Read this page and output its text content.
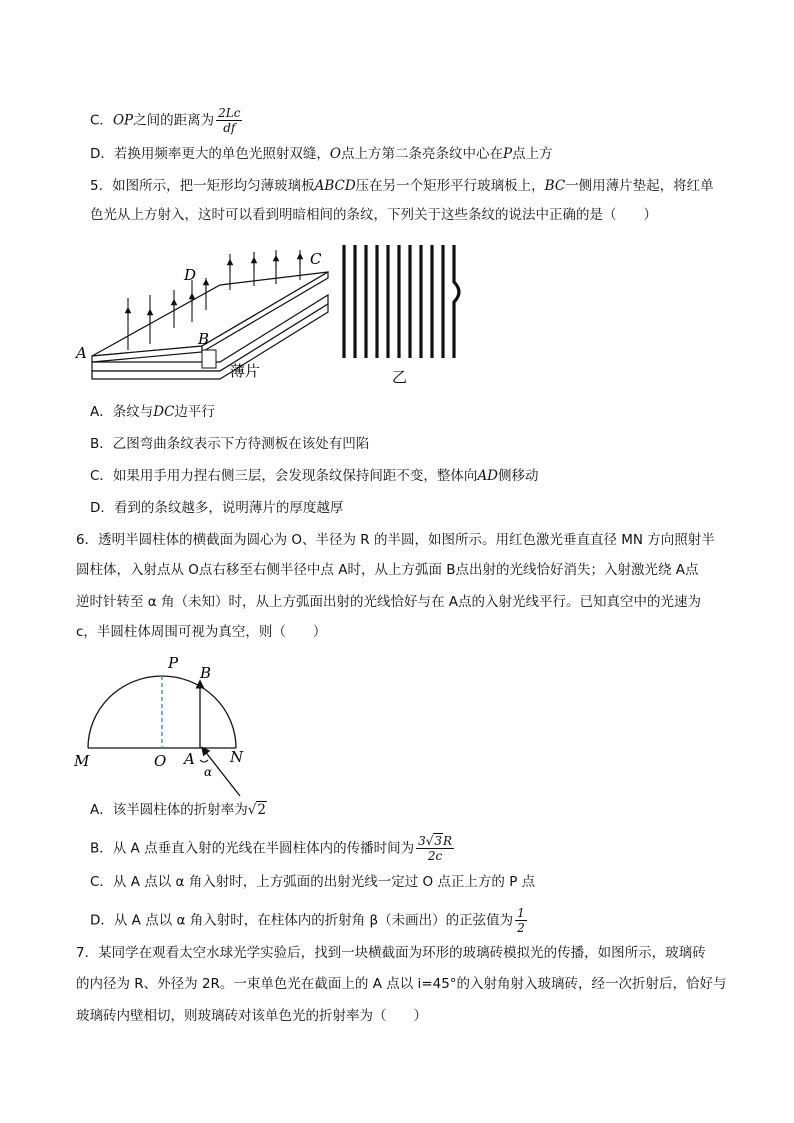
C．OP之间的距离为 $\frac{2Lc}{df}$
D．若换用频率更大的单色光照射双缝，O点上方第二条亮条纹中心在P点上方
5．如图所示，把一矩形均匀薄玻璃板ABCD压在另一个矩形平行玻璃板上，BC一侧用薄片垫起，将红单
色光从上方射入，这时可以看到明暗相间的条纹，下列关于这些条纹的说法中正确的是（　　）
A
B
C
D
薄片	乙
A．条纹与DC边平行
B．乙图弯曲条纹表示下方待测板在该处有凹陷
C．如果用手用力捏右侧三层，会发现条纹保持间距不变，整体向AD侧移动
D．看到的条纹越多，说明薄片的厚度越厚
6．透明半圆柱体的横截面为圆心为 O、半径为 R 的半圆，如图所示。用红色激光垂直直径 MN 方向照射半
圆柱体，入射点从 O点右移至右侧半径中点 A时，从上方弧面 B点出射的光线恰好消失；入射激光绕 A点
逆时针转至 α 角（未知）时，从上方弧面出射的光线恰好与在 A点的入射光线平行。已知真空中的光速为
c，半圆柱体周围可视为真空，则（　　）
P
B
M	O A N
α
A．该半圆柱体的折射率为√2
B．从 A 点垂直入射的光线在半圆柱体内的传播时间为 $\frac{3√3R}{2c}$
C．从 A 点以 α 角入射时，上方弧面的出射光线一定过 O 点正上方的 P 点
D．从 A 点以 α 角入射时，在柱体内的折射角 β（未画出）的正弦值为 $\frac{1}{2}$
7．某同学在观看太空水球光学实验后，找到一块横截面为环形的玻璃砖模拟光的传播，如图所示，玻璃砖
的内径为 R、外径为 2R。一束单色光在截面上的 A 点以 i=45°的入射角射入玻璃砖，经一次折射后，恰好与
玻璃砖内壁相切，则玻璃砖对该单色光的折射率为（　　）
